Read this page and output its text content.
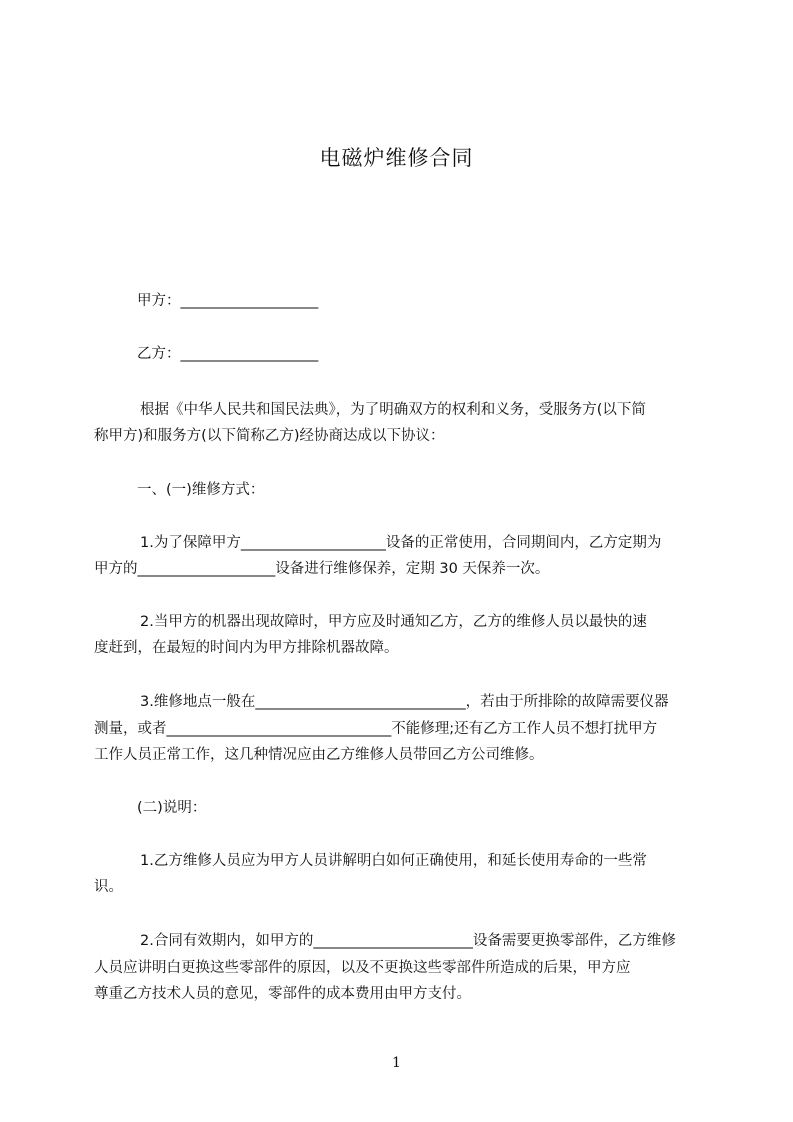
电磁炉维修合同
甲方：___________________
乙方：___________________
根据《中华人民共和国民法典》，为了明确双方的权利和义务，受服务方(以下简
称甲方)和服务方(以下简称乙方)经协商达成以下协议：
一、(一)维修方式：
1.为了保障甲方____________________设备的正常使用，合同期间内，乙方定期为
甲方的___________________设备进行维修保养，定期 30 天保养一次。
2.当甲方的机器出现故障时，甲方应及时通知乙方，乙方的维修人员以最快的速
度赶到，在最短的时间内为甲方排除机器故障。
3.维修地点一般在_____________________________，若由于所排除的故障需要仪器
测量，或者_______________________________不能修理;还有乙方工作人员不想打扰甲方
工作人员正常工作，这几种情况应由乙方维修人员带回乙方公司维修。
(二)说明：
1.乙方维修人员应为甲方人员讲解明白如何正确使用，和延长使用寿命的一些常
识。
2.合同有效期内，如甲方的______________________设备需要更换零部件，乙方维修
人员应讲明白更换这些零部件的原因，以及不更换这些零部件所造成的后果，甲方应
尊重乙方技术人员的意见，零部件的成本费用由甲方支付。
1
